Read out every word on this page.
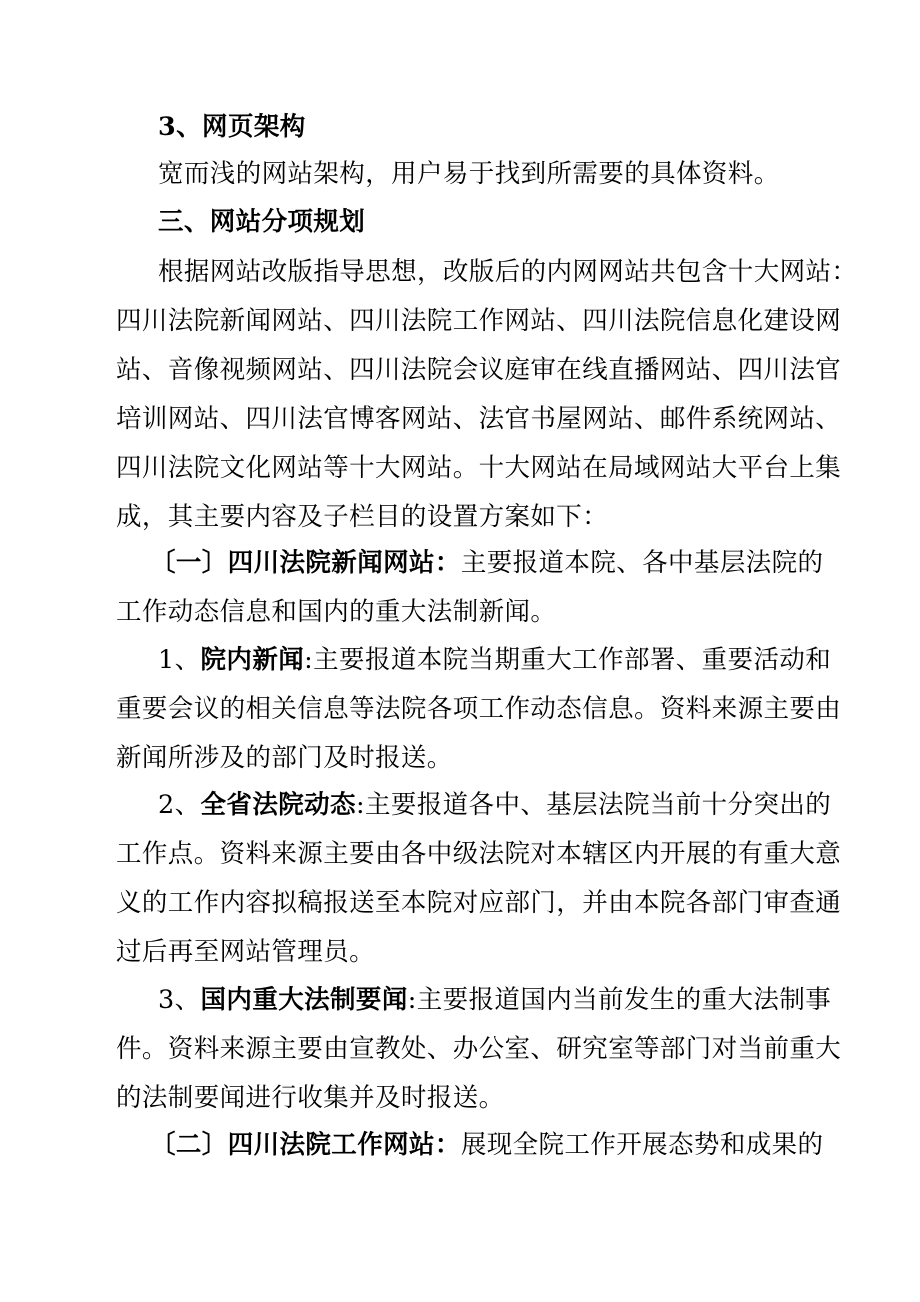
3、网页架构
宽而浅的网站架构，用户易于找到所需要的具体资料。
三、网站分项规划
根据网站改版指导思想，改版后的内网网站共包含十大网站：
四川法院新闻网站、四川法院工作网站、四川法院信息化建设网
站、音像视频网站、四川法院会议庭审在线直播网站、四川法官
培训网站、四川法官博客网站、法官书屋网站、邮件系统网站、
四川法院文化网站等十大网站。十大网站在局域网站大平台上集
成，其主要内容及子栏目的设置方案如下：
〔一〕四川法院新闻网站：主要报道本院、各中基层法院的
工作动态信息和国内的重大法制新闻。
1、院内新闻:主要报道本院当期重大工作部署、重要活动和
重要会议的相关信息等法院各项工作动态信息。资料来源主要由
新闻所涉及的部门及时报送。
2、全省法院动态:主要报道各中、基层法院当前十分突出的
工作点。资料来源主要由各中级法院对本辖区内开展的有重大意
义的工作内容拟稿报送至本院对应部门，并由本院各部门审查通
过后再至网站管理员。
3、国内重大法制要闻:主要报道国内当前发生的重大法制事
件。资料来源主要由宣教处、办公室、研究室等部门对当前重大
的法制要闻进行收集并及时报送。
〔二〕四川法院工作网站：展现全院工作开展态势和成果的
